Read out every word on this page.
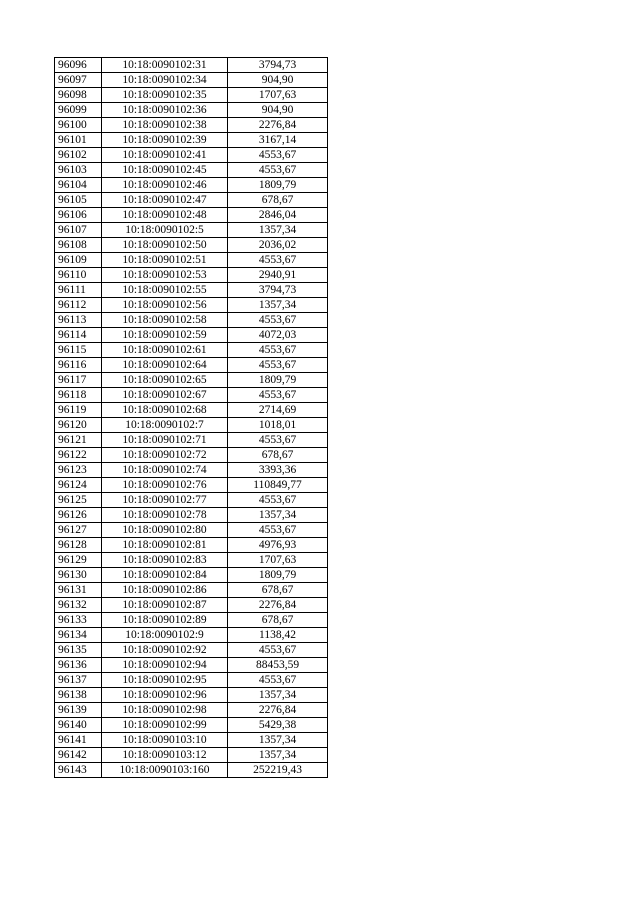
96096	10:18:0090102:31	3794,73
96097	10:18:0090102:34	904,90
96098	10:18:0090102:35	1707,63
96099	10:18:0090102:36	904,90
96100	10:18:0090102:38	2276,84
96101	10:18:0090102:39	3167,14
96102	10:18:0090102:41	4553,67
96103	10:18:0090102:45	4553,67
96104	10:18:0090102:46	1809,79
96105	10:18:0090102:47	678,67
96106	10:18:0090102:48	2846,04
96107	10:18:0090102:5	1357,34
96108	10:18:0090102:50	2036,02
96109	10:18:0090102:51	4553,67
96110	10:18:0090102:53	2940,91
96111	10:18:0090102:55	3794,73
96112	10:18:0090102:56	1357,34
96113	10:18:0090102:58	4553,67
96114	10:18:0090102:59	4072,03
96115	10:18:0090102:61	4553,67
96116	10:18:0090102:64	4553,67
96117	10:18:0090102:65	1809,79
96118	10:18:0090102:67	4553,67
96119	10:18:0090102:68	2714,69
96120	10:18:0090102:7	1018,01
96121	10:18:0090102:71	4553,67
96122	10:18:0090102:72	678,67
96123	10:18:0090102:74	3393,36
96124	10:18:0090102:76	110849,77
96125	10:18:0090102:77	4553,67
96126	10:18:0090102:78	1357,34
96127	10:18:0090102:80	4553,67
96128	10:18:0090102:81	4976,93
96129	10:18:0090102:83	1707,63
96130	10:18:0090102:84	1809,79
96131	10:18:0090102:86	678,67
96132	10:18:0090102:87	2276,84
96133	10:18:0090102:89	678,67
96134	10:18:0090102:9	1138,42
96135	10:18:0090102:92	4553,67
96136	10:18:0090102:94	88453,59
96137	10:18:0090102:95	4553,67
96138	10:18:0090102:96	1357,34
96139	10:18:0090102:98	2276,84
96140	10:18:0090102:99	5429,38
96141	10:18:0090103:10	1357,34
96142	10:18:0090103:12	1357,34
96143	10:18:0090103:160	252219,43
